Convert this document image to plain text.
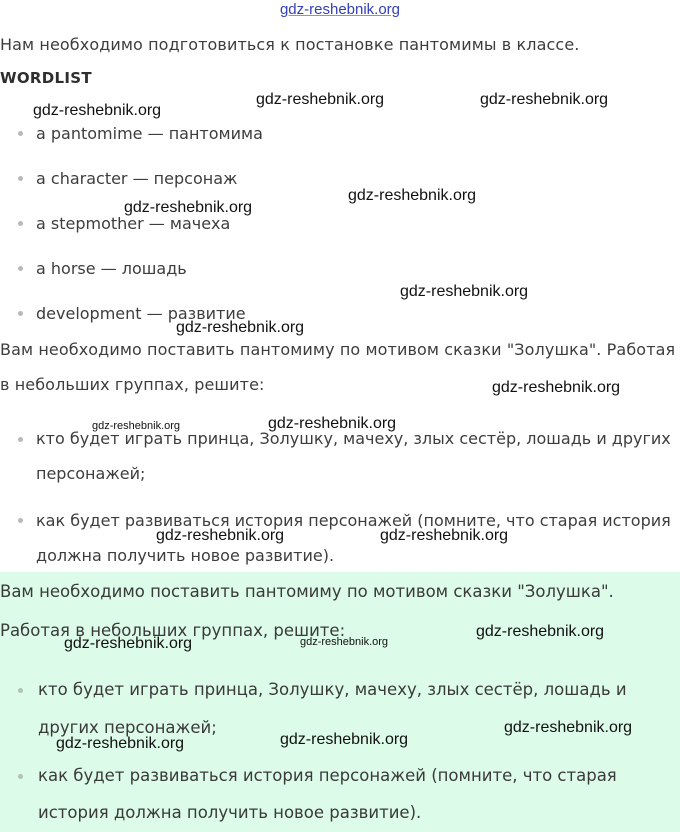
gdz-reshebnik.org
Нам необходимо подготовиться к постановке пантомимы в классе.
WORDLIST
a pantomime — пантомима
a character — персонаж
a stepmother — мачеха
a horse — лошадь
development — развитие
Вам необходимо поставить пантомиму по мотивом сказки "Золушка". Работая
в небольших группах, решите:
кто будет играть принца, Золушку, мачеху, злых сестёр, лошадь и других
персонажей;
как будет развиваться история персонажей (помните, что старая история
должна получить новое развитие).
Вам необходимо поставить пантомиму по мотивом сказки "Золушка".
Работая в небольших группах, решите:
кто будет играть принца, Золушку, мачеху, злых сестёр, лошадь и
других персонажей;
как будет развиваться история персонажей (помните, что старая
история должна получить новое развитие).
gdz-reshebnik.org
gdz-reshebnik.org	gdz-reshebnik.org
gdz-reshebnik.org
gdz-reshebnik.org
gdz-reshebnik.org
gdz-reshebnik.org
gdz-reshebnik.org
gdz-reshebnik.org	gdz-reshebnik.org
gdz-reshebnik.org	gdz-reshebnik.org
gdz-reshebnik.org
gdz-reshebnik.org	gdz-reshebnik.org
gdz-reshebnik.org
gdz-reshebnik.org
gdz-reshebnik.org
